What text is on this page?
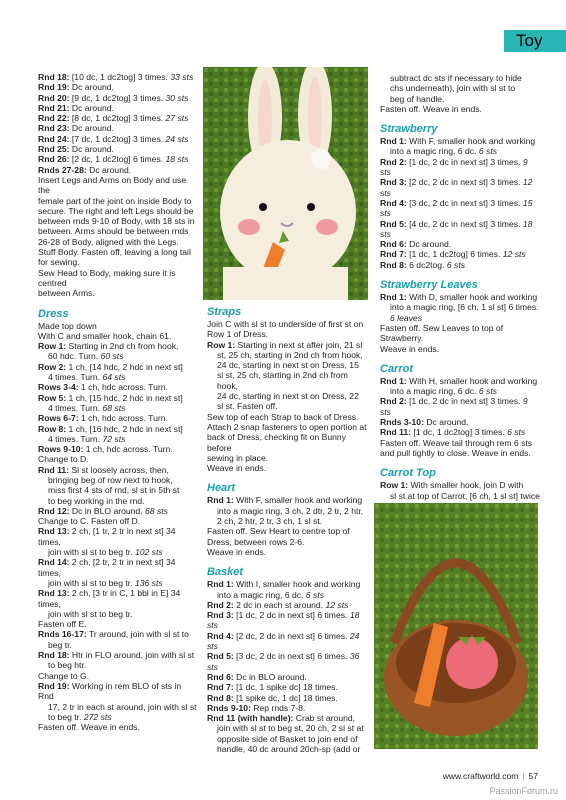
Toy

Rnd 18: [10 dc, 1 dc2tog] 3 times. 33 sts

Rnd 19: Dc around.

Rnd 20: [9 dc, 1 dc2tog] 3 times. 30 sts

Rnd 21: Dc around.

Rnd 22: [8 dc, 1 dc2tog] 3 times. 27 sts

Rnd 23: Dc around.

Rnd 24: [7 dc, 1 dc2tog] 3 times. 24 sts

Rnd 25: Dc around.

Rnd 26: [2 dc, 1 dc2tog] 6 times. 18 sts

Rnds 27-28: Dc around.

Insert Legs and Arms on Body and use the

female part of the joint on inside Body to

secure. The right and left Legs should be

between rnds 9-10 of Body, with 18 sts in

between. Arms should be between rnds

26-28 of Body, aligned with the Legs.

Stuff Body. Fasten off, leaving a long tail

for sewing.

Sew Head to Body, making sure it is centred

between Arms.

Dress

Made top down

With C and smaller hook, chain 61.

Row 1: Starting in 2nd ch from hook,

60 hdc. Turn. 60 sts

Row 2: 1 ch, [14 hdc, 2 hdc in next st]

4 times. Turn. 64 sts

Rows 3-4: 1 ch, hdc across. Turn.

Row 5: 1 ch, [15 hdc, 2 hdc in next st]

4 times. Turn. 68 sts

Rows 6-7: 1 ch, hdc across. Turn.

Row 8: 1 ch, [16 hdc, 2 hdc in next st]

4 times. Turn. 72 sts

Rows 9-10: 1 ch, hdc across. Turn.

Change to D.

Rnd 11: Sl st loosely across, then,

bringing beg of row next to hook,

miss first 4 sts of rnd, sl st in 5th st

to beg working in the rnd.

Rnd 12: Dc in BLO around. 68 sts

Change to C. Fasten off D.

Rnd 13: 2 ch, [1 tr, 2 tr in next st] 34 times,

join with sl st to beg tr. 102 sts

Rnd 14: 2 ch, [2 tr, 2 tr in next st] 34 times,

join with sl st to beg tr. 136 sts

Rnd 13: 2 ch, [3 tr in C, 1 bbl in E] 34 times,

join with sl st to beg tr.

Fasten off E.

Rnds 16-17: Tr around, join with sl st to

beg tr.

Rnd 18: Htr in FLO around, join with sl st

to beg htr.

Change to G.

Rnd 19: Working in rem BLO of sts in Rnd

17, 2 tr in each st around, join with sl st

to beg tr. 272 sts

Fasten off. Weave in ends.

Straps

Join C with sl st to underside of first st on

Row 1 of Dress.

Row 1: Starting in next st after join, 21 sl

st, 25 ch, starting in 2nd ch from hook,

24 dc, starting in next st on Dress, 15

sl st, 25 ch, starting in 2nd ch from hook,

24 dc, starting in next st on Dress, 22

sl st. Fasten off.

Sew top of each Strap to back of Dress.

Attach 2 snap fasteners to open portion at

back of Dress, checking fit on Bunny before

sewing in place.

Weave in ends.

Heart

Rnd 1: With F, smaller hook and working

into a magic ring, 3 ch, 2 dtr, 2 tr, 2 htr,

2 ch, 2 htr, 2 tr, 3 ch, 1 sl st.

Fasten off. Sew Heart to centre top of

Dress, between rows 2-6.

Weave in ends.

Basket

Rnd 1: With I, smaller hook and working

into a magic ring, 6 dc. 6 sts

Rnd 2: 2 dc in each st around. 12 sts

Rnd 3: [1 dc, 2 dc in next st] 6 times. 18 sts

Rnd 4: [2 dc, 2 dc in next st] 6 times. 24 sts

Rnd 5: [3 dc, 2 dc in next st] 6 times. 36 sts

Rnd 6: Dc in BLO around.

Rnd 7: [1 dc, 1 spike dc] 18 times.

Rnd 8: [1 spike dc, 1 dc] 18 times.

Rnds 9-10: Rep rnds 7-8.

Rnd 11 (with handle): Crab st around,

join with sl st to beg st, 20 ch, 2 sl st at

opposite side of Basket to join end of

handle, 40 dc around 20ch-sp (add or

subtract dc sts if necessary to hide

chs underneath), join with sl st to

beg of handle.

Fasten off. Weave in ends.

Strawberry

Rnd 1: With F, smaller hook and working

into a magic ring, 6 dc. 6 sts

Rnd 2: [1 dc, 2 dc in next st] 3 times. 9 sts

Rnd 3: [2 dc, 2 dc in next st] 3 times. 12 sts

Rnd 4: [3 dc, 2 dc in next st] 3 times. 15 sts

Rnd 5: [4 dc, 2 dc in next st] 3 times. 18 sts

Rnd 6: Dc around.

Rnd 7: [1 dc, 1 dc2tog] 6 times. 12 sts

Rnd 8: 6 dc2tog. 6 sts

Strawberry Leaves

Rnd 1: With D, smaller hook and working

into a magic ring, [6 ch, 1 sl st] 6 times.

6 leaves

Fasten off. Sew Leaves to top of Strawberry.

Weave in ends.

Carrot

Rnd 1: With H, smaller hook and working

into a magic ring, 6 dc. 6 sts

Rnd 2: [1 dc, 2 dc in next st] 3 times. 9 sts

Rnds 3-10: Dc around.

Rnd 11: [1 dc, 1 dc2tog] 3 times. 6 sts

Fasten off. Weave tail through rem 6 sts

and pull tightly to close. Weave in ends.

Carrot Top

Row 1: With smaller hook, join D with

sl st at top of Carrot, [6 ch, 1 sl st] twice

www.craftworld.com | 57
PassionForum.ru
